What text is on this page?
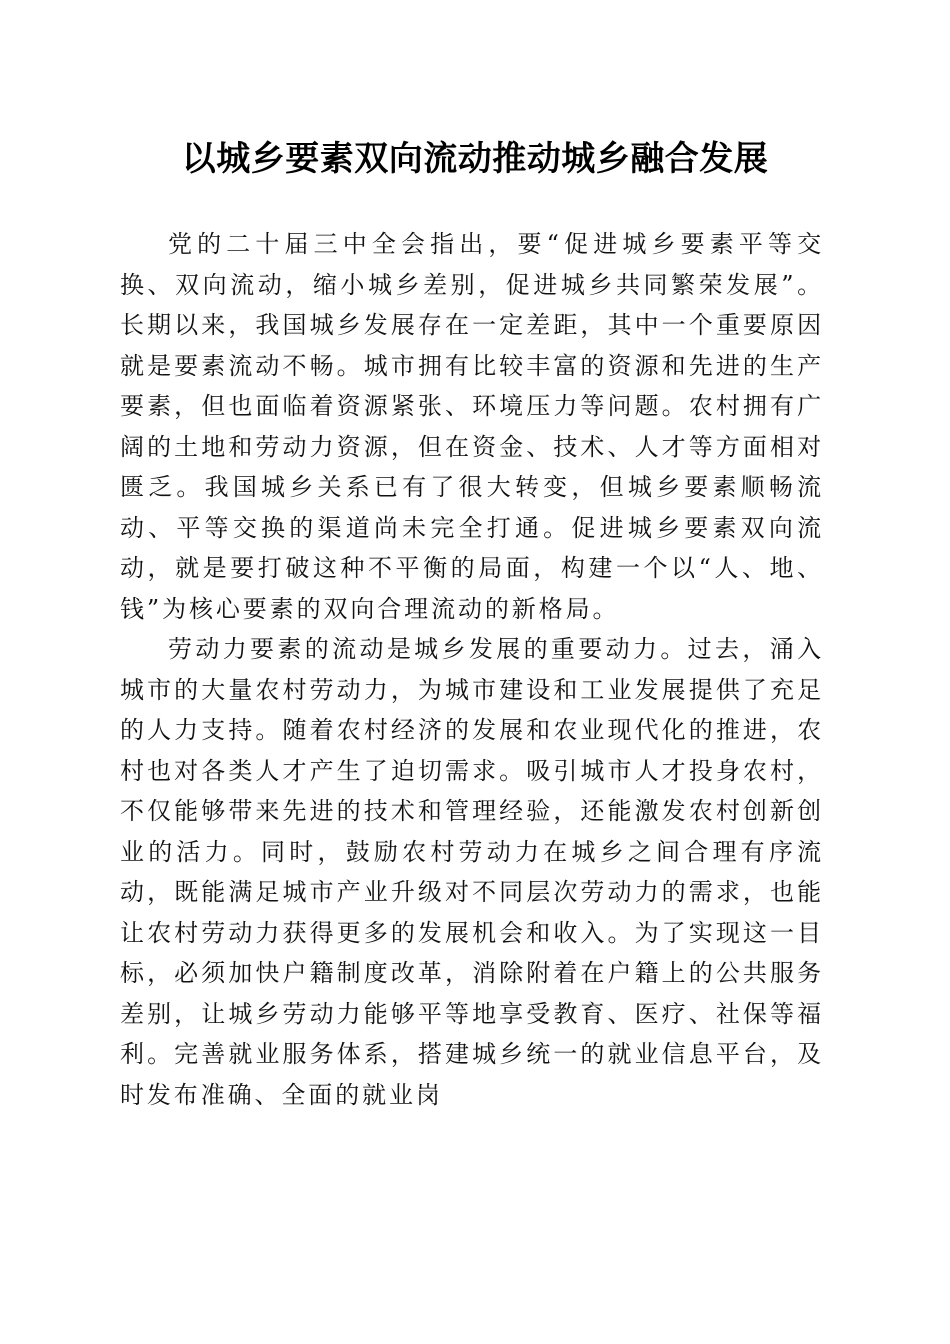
以城乡要素双向流动推动城乡融合发展

党的二十届三中全会指出，要“促进城乡要素平等交换、双向流动，缩小城乡差别，促进城乡共同繁荣发展”。长期以来，我国城乡发展存在一定差距，其中一个重要原因就是要素流动不畅。城市拥有比较丰富的资源和先进的生产要素，但也面临着资源紧张、环境压力等问题。农村拥有广阔的土地和劳动力资源，但在资金、技术、人才等方面相对匮乏。我国城乡关系已有了很大转变，但城乡要素顺畅流动、平等交换的渠道尚未完全打通。促进城乡要素双向流动，就是要打破这种不平衡的局面，构建一个以“人、地、钱”为核心要素的双向合理流动的新格局。

劳动力要素的流动是城乡发展的重要动力。过去，涌入城市的大量农村劳动力，为城市建设和工业发展提供了充足的人力支持。随着农村经济的发展和农业现代化的推进，农村也对各类人才产生了迫切需求。吸引城市人才投身农村，不仅能够带来先进的技术和管理经验，还能激发农村创新创业的活力。同时，鼓励农村劳动力在城乡之间合理有序流动，既能满足城市产业升级对不同层次劳动力的需求，也能让农村劳动力获得更多的发展机会和收入。为了实现这一目标，必须加快户籍制度改革，消除附着在户籍上的公共服务差别，让城乡劳动力能够平等地享受教育、医疗、社保等福利。完善就业服务体系，搭建城乡统一的就业信息平台，及时发布准确、全面的就业岗
